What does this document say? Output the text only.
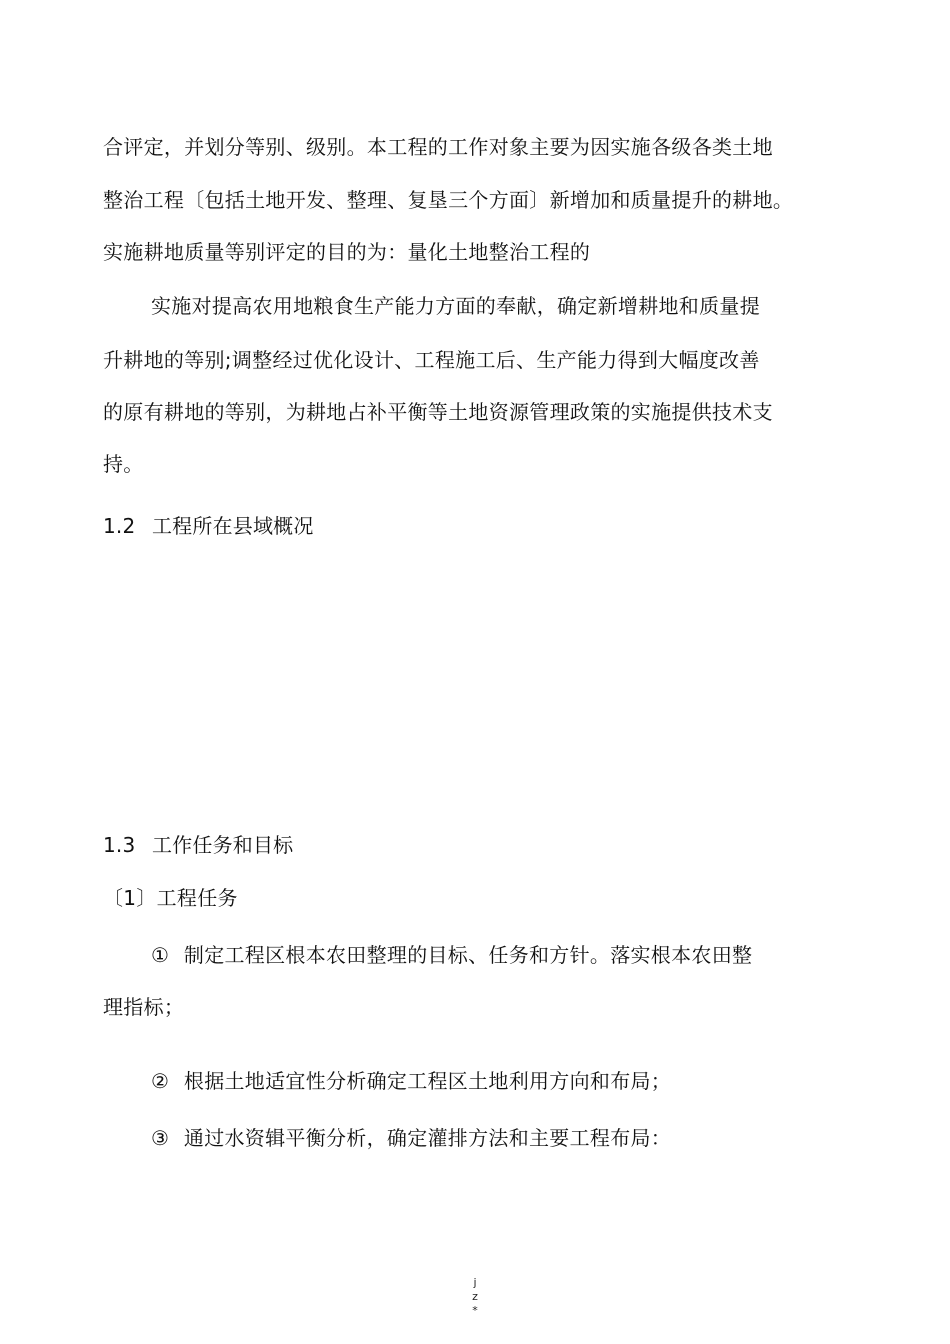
合评定，并划分等别、级别。本工程的工作对象主要为因实施各级各类土地
整治工程〔包括土地开发、整理、复垦三个方面〕新增加和质量提升的耕地。
实施耕地质量等别评定的目的为：量化土地整治工程的
实施对提高农用地粮食生产能力方面的奉献，确定新增耕地和质量提
升耕地的等别;调整经过优化设计、工程施工后、生产能力得到大幅度改善
的原有耕地的等别，为耕地占补平衡等土地资源管理政策的实施提供技术支
持。
1.2 工程所在县域概况
1.3 工作任务和目标
〔1〕工程任务
① 制定工程区根本农田整理的目标、任务和方针。落实根本农田整
理指标；
② 根据土地适宜性分析确定工程区土地利用方向和布局；
③ 通过水资辑平衡分析，确定灌排方法和主要工程布局：
j
z
*
